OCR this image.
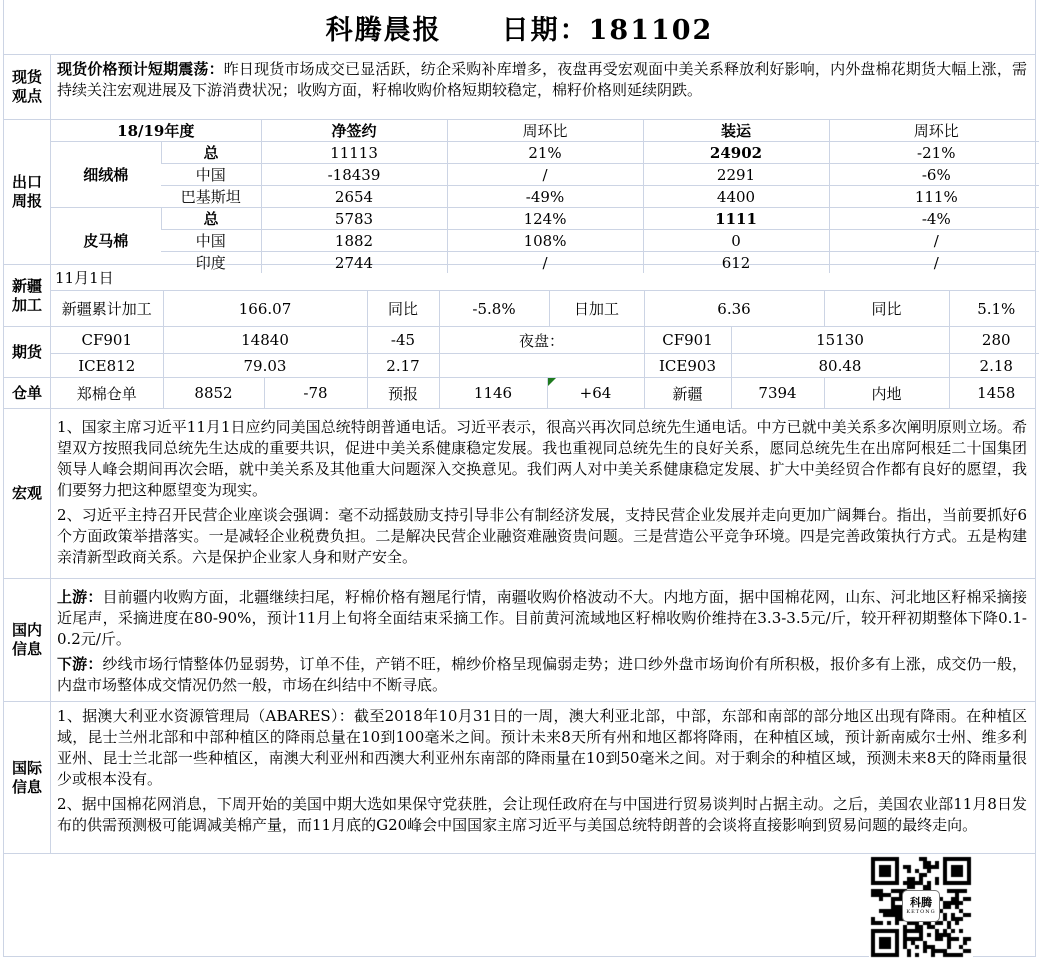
科腾晨报 日期：181102
现货观点
现货价格预计短期震荡：昨日现货市场成交已显活跃，纺企采购补库增多，夜盘再受宏观面中美关系释放利好影响，内外盘棉花期货大幅上涨，需持续关注宏观进展及下游消费状况；收购方面，籽棉收购价格短期较稳定，棉籽价格则延续阴跌。
出口周报
18/19年度		净签约	周环比	装运	周环比
细绒棉	总	11113	21%	24902	-21%
	中国	-18439	/	2291	-6%
	巴基斯坦	2654	-49%	4400	111%
皮马棉	总	5783	124%	1111	-4%
	中国	1882	108%	0	/
	印度	2744	/	612	/
新疆加工
11月1日
新疆累计加工	166.07	同比	-5.8%	日加工	6.36	同比	5.1%
期货
CF901	14840	-45	夜盘：	CF901	15130	280
ICE812	79.03	2.17		ICE903	80.48	2.18
仓单	郑棉仓单	8852	-78	预报	1146	+64	新疆	7394	内地	1458
宏观
1、国家主席习近平11月1日应约同美国总统特朗普通电话。习近平表示，很高兴再次同总统先生通电话。中方已就中美关系多次阐明原则立场。希望双方按照我同总统先生达成的重要共识，促进中美关系健康稳定发展。我也重视同总统先生的良好关系，愿同总统先生在出席阿根廷二十国集团领导人峰会期间再次会晤，就中美关系及其他重大问题深入交换意见。我们两人对中美关系健康稳定发展、扩大中美经贸合作都有良好的愿望，我们要努力把这种愿望变为现实。
2、习近平主持召开民营企业座谈会强调：毫不动摇鼓励支持引导非公有制经济发展，支持民营企业发展并走向更加广阔舞台。指出，当前要抓好6个方面政策举措落实。一是减轻企业税费负担。二是解决民营企业融资难融资贵问题。三是营造公平竞争环境。四是完善政策执行方式。五是构建亲清新型政商关系。六是保护企业家人身和财产安全。
国内信息
上游：目前疆内收购方面，北疆继续扫尾，籽棉价格有翘尾行情，南疆收购价格波动不大。内地方面，据中国棉花网，山东、河北地区籽棉采摘接近尾声，采摘进度在80-90%，预计11月上旬将全面结束采摘工作。目前黄河流域地区籽棉收购价维持在3.3-3.5元/斤，较开秤初期整体下降0.1-0.2元/斤。
下游：纱线市场行情整体仍显弱势，订单不佳，产销不旺，棉纱价格呈现偏弱走势；进口纱外盘市场询价有所积极，报价多有上涨，成交仍一般，内盘市场整体成交情况仍然一般，市场在纠结中不断寻底。
国际信息
1、据澳大利亚水资源管理局（ABARES）：截至2018年10月31日的一周，澳大利亚北部，中部，东部和南部的部分地区出现有降雨。在种植区域，昆士兰州北部和中部种植区的降雨总量在10到100毫米之间。预计未来8天所有州和地区都将降雨，在种植区域，预计新南威尔士州、维多利亚州、昆士兰北部一些种植区，南澳大利亚州和西澳大利亚州东南部的降雨量在10到50毫米之间。对于剩余的种植区域，预测未来8天的降雨量很少或根本没有。
2、据中国棉花网消息，下周开始的美国中期大选如果保守党获胜，会让现任政府在与中国进行贸易谈判时占据主动。之后，美国农业部11月8日发布的供需预测极可能调减美棉产量，而11月底的G20峰会中国国家主席习近平与美国总统特朗普的会谈将直接影响到贸易问题的最终走向。
科腾
KETONG
